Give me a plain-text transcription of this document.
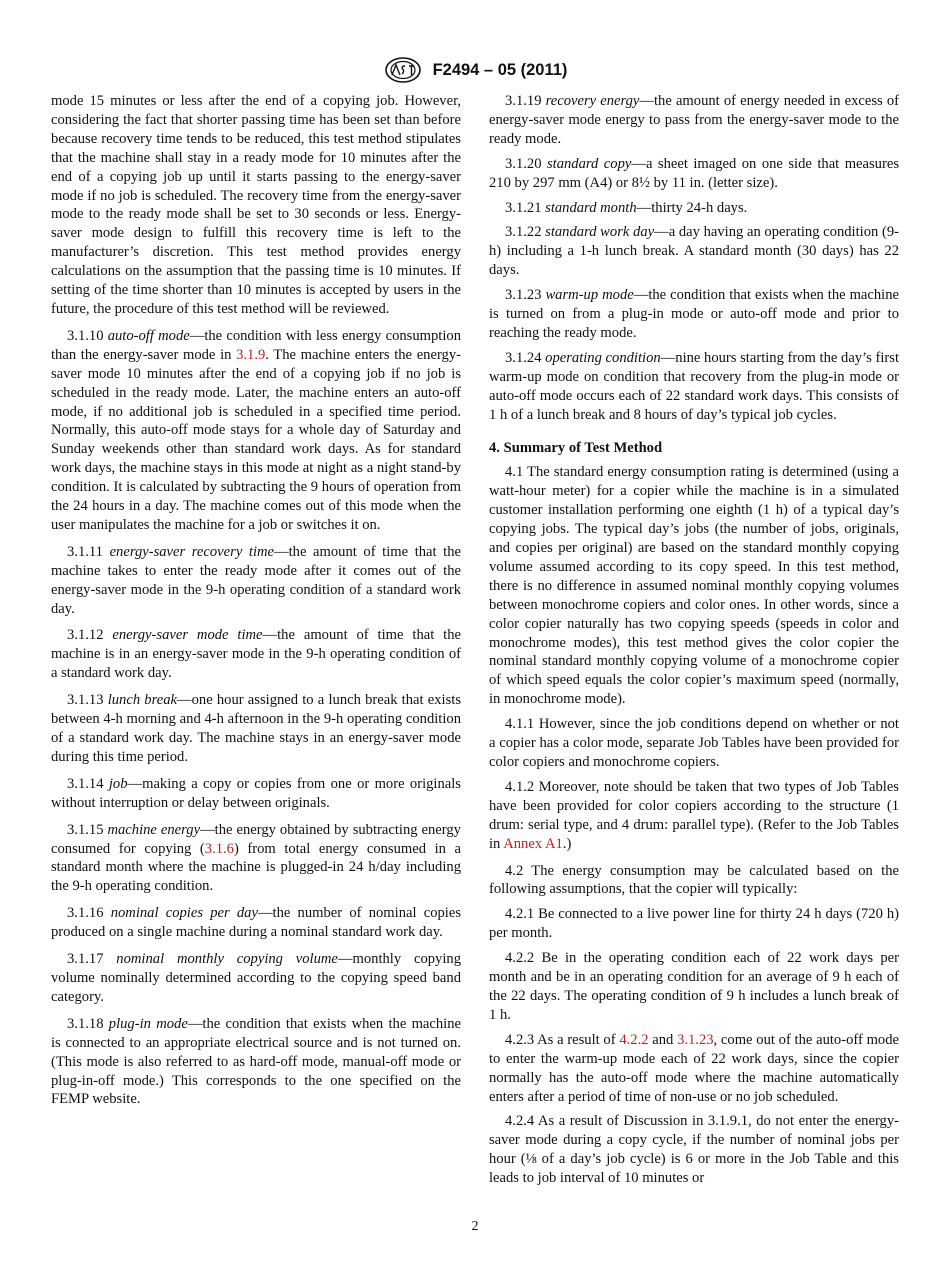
F2494 – 05 (2011)

mode 15 minutes or less after the end of a copying job. However, considering the fact that shorter passing time has been set than before because recovery time tends to be reduced, this test method stipulates that the machine shall stay in a ready mode for 10 minutes after the end of a copying job up until it starts passing to the energy-saver mode if no job is scheduled. The recovery time from the energy-saver mode to the ready mode shall be set to 30 seconds or less. Energy-saver mode design to fulfill this recovery time is left to the manufacturer’s discretion. This test method provides energy calculations on the assumption that the passing time is 10 minutes. If setting of the time shorter than 10 minutes is accepted by users in the future, the procedure of this test method will be reviewed.

3.1.10 auto-off mode—the condition with less energy consumption than the energy-saver mode in 3.1.9. The machine enters the energy-saver mode 10 minutes after the end of a copying job if no job is scheduled in the ready mode. Later, the machine enters an auto-off mode, if no additional job is scheduled in a specified time period. Normally, this auto-off mode stays for a whole day of Saturday and Sunday weekends other than standard work days. As for standard work days, the machine stays in this mode at night as a night stand-by condition. It is calculated by subtracting the 9 hours of operation from the 24 hours in a day. The machine comes out of this mode when the user manipulates the machine for a job or switches it on.

3.1.11 energy-saver recovery time—the amount of time that the machine takes to enter the ready mode after it comes out of the energy-saver mode in the 9-h operating condition of a standard work day.

3.1.12 energy-saver mode time—the amount of time that the machine is in an energy-saver mode in the 9-h operating condition of a standard work day.

3.1.13 lunch break—one hour assigned to a lunch break that exists between 4-h morning and 4-h afternoon in the 9-h operating condition of a standard work day. The machine stays in an energy-saver mode during this time period.

3.1.14 job—making a copy or copies from one or more originals without interruption or delay between originals.

3.1.15 machine energy—the energy obtained by subtracting energy consumed for copying (3.1.6) from total energy consumed in a standard month where the machine is plugged-in 24 h/day including the 9-h operating condition.

3.1.16 nominal copies per day—the number of nominal copies produced on a single machine during a nominal standard work day.

3.1.17 nominal monthly copying volume—monthly copying volume nominally determined according to the copying speed band category.

3.1.18 plug-in mode—the condition that exists when the machine is connected to an appropriate electrical source and is not turned on. (This mode is also referred to as hard-off mode, manual-off mode or plug-in-off mode.) This corresponds to the one specified on the FEMP website.

3.1.19 recovery energy—the amount of energy needed in excess of energy-saver mode energy to pass from the energy-saver mode to the ready mode.

3.1.20 standard copy—a sheet imaged on one side that measures 210 by 297 mm (A4) or 8½ by 11 in. (letter size).

3.1.21 standard month—thirty 24-h days.

3.1.22 standard work day—a day having an operating condition (9-h) including a 1-h lunch break. A standard month (30 days) has 22 days.

3.1.23 warm-up mode—the condition that exists when the machine is turned on from a plug-in mode or auto-off mode and prior to reaching the ready mode.

3.1.24 operating condition—nine hours starting from the day’s first warm-up mode on condition that recovery from the plug-in mode or auto-off mode occurs each of 22 standard work days. This consists of 1 h of a lunch break and 8 hours of day’s typical job cycles.

4. Summary of Test Method

4.1 The standard energy consumption rating is determined (using a watt-hour meter) for a copier while the machine is in a simulated customer installation performing one eighth (1 h) of a typical day’s copying jobs. The typical day’s jobs (the number of jobs, originals, and copies per original) are based on the standard monthly copying volume assumed according to its copy speed. In this test method, there is no difference in assumed nominal monthly copying volumes between monochrome copiers and color ones. In other words, since a color copier naturally has two copying speeds (speeds in color and monochrome modes), this test method gives the color copier the nominal standard monthly copying volume of a monochrome copier of which speed equals the color copier’s maximum speed (normally, in monochrome mode).

4.1.1 However, since the job conditions depend on whether or not a copier has a color mode, separate Job Tables have been provided for color copiers and monochrome copiers.

4.1.2 Moreover, note should be taken that two types of Job Tables have been provided for color copiers according to the structure (1 drum: serial type, and 4 drum: parallel type). (Refer to the Job Tables in Annex A1.)

4.2 The energy consumption may be calculated based on the following assumptions, that the copier will typically:

4.2.1 Be connected to a live power line for thirty 24 h days (720 h) per month.

4.2.2 Be in the operating condition each of 22 work days per month and be in an operating condition for an average of 9 h each of the 22 days. The operating condition of 9 h includes a lunch break of 1 h.

4.2.3 As a result of 4.2.2 and 3.1.23, come out of the auto-off mode to enter the warm-up mode each of 22 work days, since the copier normally has the auto-off mode where the machine automatically enters after a period of time of non-use or no job scheduled.

4.2.4 As a result of Discussion in 3.1.9.1, do not enter the energy-saver mode during a copy cycle, if the number of nominal jobs per hour (⅛ of a day’s job cycle) is 6 or more in the Job Table and this leads to job interval of 10 minutes or

2
